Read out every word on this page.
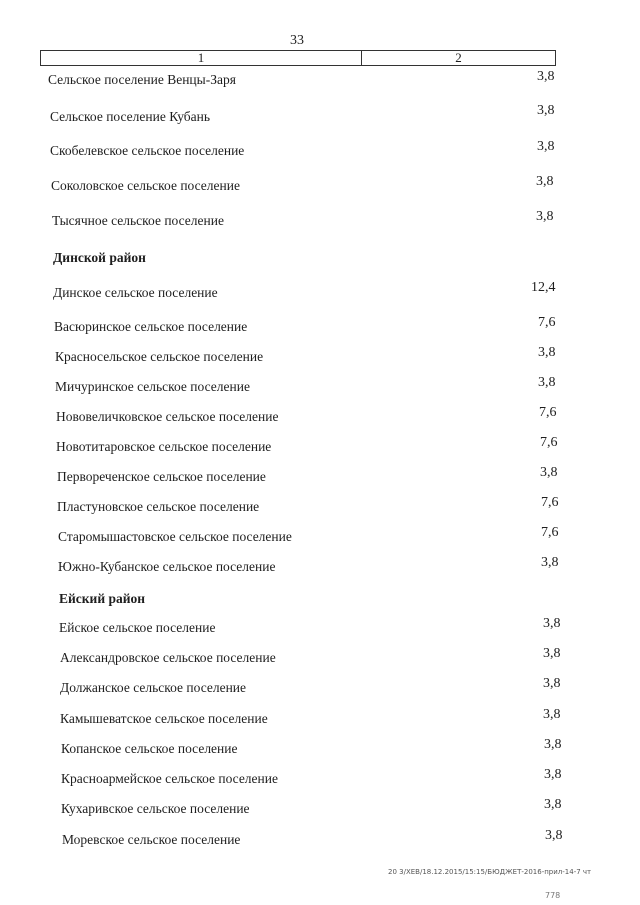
33
1	2
Сельское поселение Венцы-Заря	3,8
Сельское поселение Кубань	3,8
Скобелевское сельское поселение	3,8
Соколовское сельское поселение	3,8
Тысячное сельское поселение	3,8
Динской район
Динское сельское поселение	12,4
Васюринское сельское поселение	7,6
Красносельское сельское поселение	3,8
Мичуринское сельское поселение	3,8
Нововеличковское сельское поселение	7,6
Новотитаровское сельское поселение	7,6
Первореченское сельское поселение	3,8
Пластуновское сельское поселение	7,6
Старомышастовское сельское поселение	7,6
Южно-Кубанское сельское поселение	3,8
Ейский район
Ейское сельское поселение	3,8
Александровское сельское поселение	3,8
Должанское сельское поселение	3,8
Камышеватское сельское поселение	3,8
Копанское сельское поселение	3,8
Красноармейское сельское поселение	3,8
Кухаривское сельское поселение	3,8
Моревское сельское поселение	3,8
20 3/ХЕВ/18.12.2015/15:15/БЮДЖЕТ-2016-прил-14-7 чт
778
